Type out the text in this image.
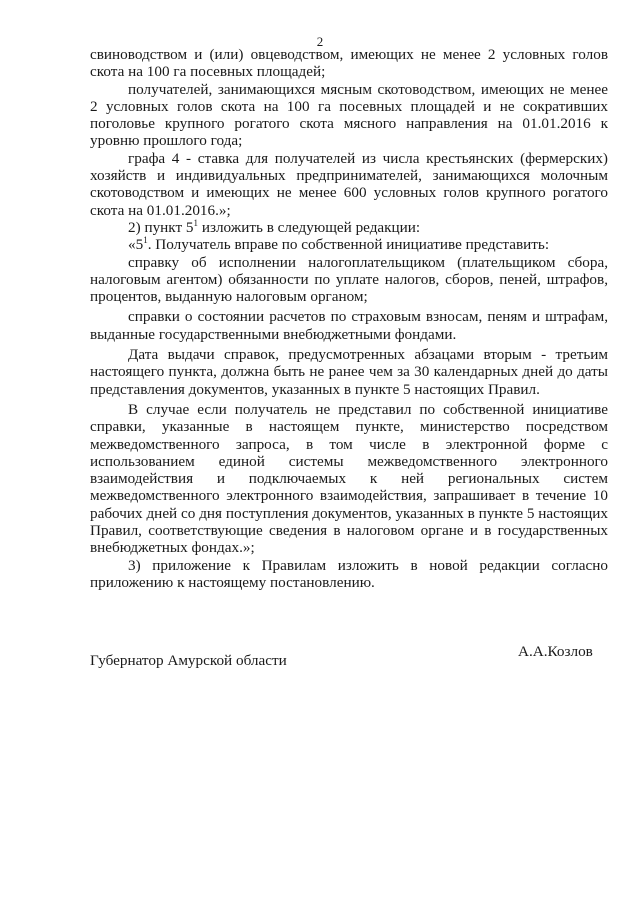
2

свиноводством и (или) овцеводством, имеющих не менее 2 условных голов скота на 100 га посевных площадей;

получателей, занимающихся мясным скотоводством, имеющих не менее 2 условных голов скота на 100 га посевных площадей и не сокративших поголовье крупного рогатого скота мясного направления на 01.01.2016 к уровню прошлого года;

графа 4 - ставка для получателей из числа крестьянских (фермерских) хозяйств и индивидуальных предпринимателей, занимающихся молочным скотоводством и имеющих не менее 600 условных голов крупного рогатого скота на 01.01.2016.»;

2) пункт $5^1$ изложить в следующей редакции:

«$5^1$. Получатель вправе по собственной инициативе представить:

справку об исполнении налогоплательщиком (плательщиком сбора, налоговым агентом) обязанности по уплате налогов, сборов, пеней, штрафов, процентов, выданную налоговым органом;

справки о состоянии расчетов по страховым взносам, пеням и штрафам, выданные государственными внебюджетными фондами.

Дата выдачи справок, предусмотренных абзацами вторым - третьим настоящего пункта, должна быть не ранее чем за 30 календарных дней до даты представления документов, указанных в пункте 5 настоящих Правил.

В случае если получатель не представил по собственной инициативе справки, указанные в настоящем пункте, министерство посредством межведомственного запроса, в том числе в электронной форме с использованием единой системы межведомственного электронного взаимодействия и подключаемых к ней региональных систем межведомственного электронного взаимодействия, запрашивает в течение 10 рабочих дней со дня поступления документов, указанных в пункте 5 настоящих Правил, соответствующие сведения в налоговом органе и в государственных внебюджетных фондах.»;

3) приложение к Правилам изложить в новой редакции согласно приложению к настоящему постановлению.

Губернатор Амурской области
А.А.Козлов
